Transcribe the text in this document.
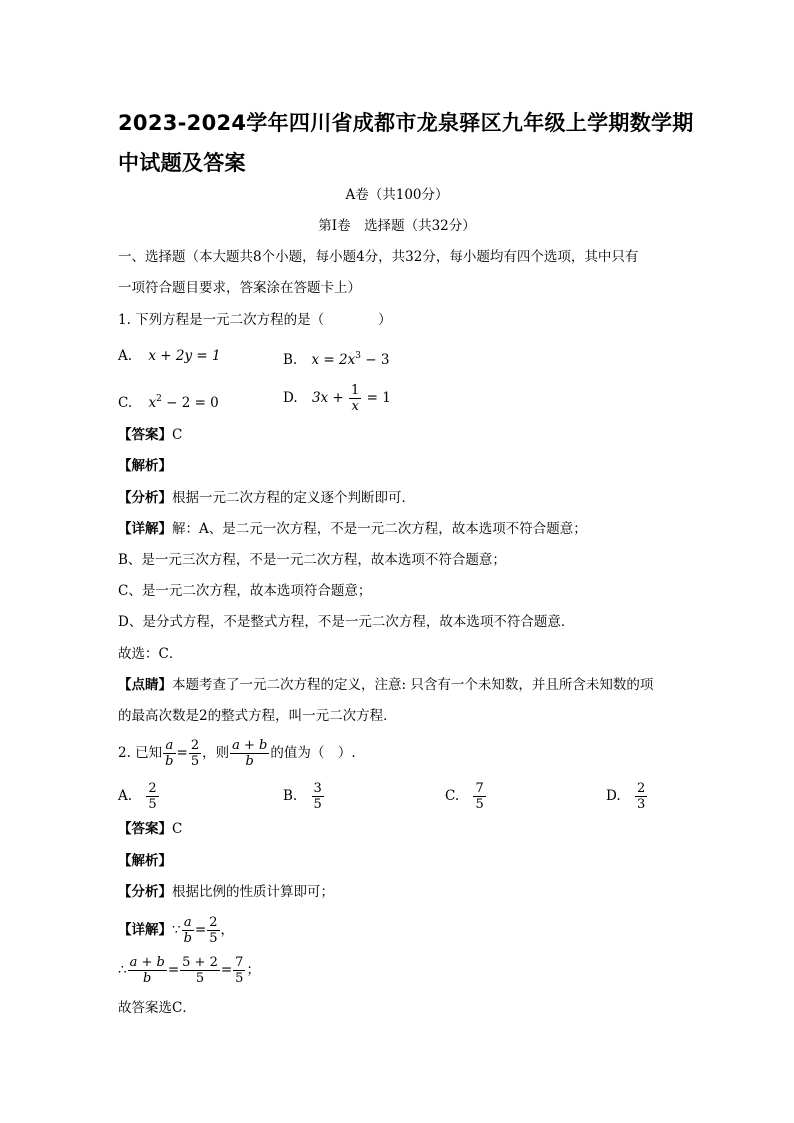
2023-2024学年四川省成都市龙泉驿区九年级上学期数学期中试题及答案
A卷（共100分）
第Ⅰ卷　选择题（共32分）
一、选择题（本大题共8个小题，每小题4分，共32分，每小题均有四个选项，其中只有
一项符合题目要求，答案涂在答题卡上）
1. 下列方程是一元二次方程的是（　　　　）
A. x + 2y = 1	B. $x = 2x^3 - 3$
C. $x^2 - 2 = 0$	D. $3x + \frac{1}{x} = 1$
【答案】C
【解析】
【分析】根据一元二次方程的定义逐个判断即可．
【详解】解：A、是二元一次方程，不是一元二次方程，故本选项不符合题意；
B、是一元三次方程，不是一元二次方程，故本选项不符合题意；
C、是一元二次方程，故本选项符合题意；
D、是分式方程，不是整式方程，不是一元二次方程，故本选项不符合题意．
故选：C．
【点睛】本题考查了一元二次方程的定义，注意: 只含有一个未知数，并且所含未知数的项
的最高次数是2的整式方程，叫一元二次方程．
2. 已知 $\frac{a}{b} = \frac{2}{5}$ ，则 $\frac{a + b}{b}$ 的值为（　）.
A. $\frac{2}{5}$	B. $\frac{3}{5}$	C. $\frac{7}{5}$	D. $\frac{2}{3}$
【答案】C
【解析】
【分析】根据比例的性质计算即可；
【详解】∵ $\frac{a}{b} = \frac{2}{5}$ ，
∴ $\frac{a + b}{b} = \frac{5 + 2}{5} = \frac{7}{5}$ ；
故答案选C．
